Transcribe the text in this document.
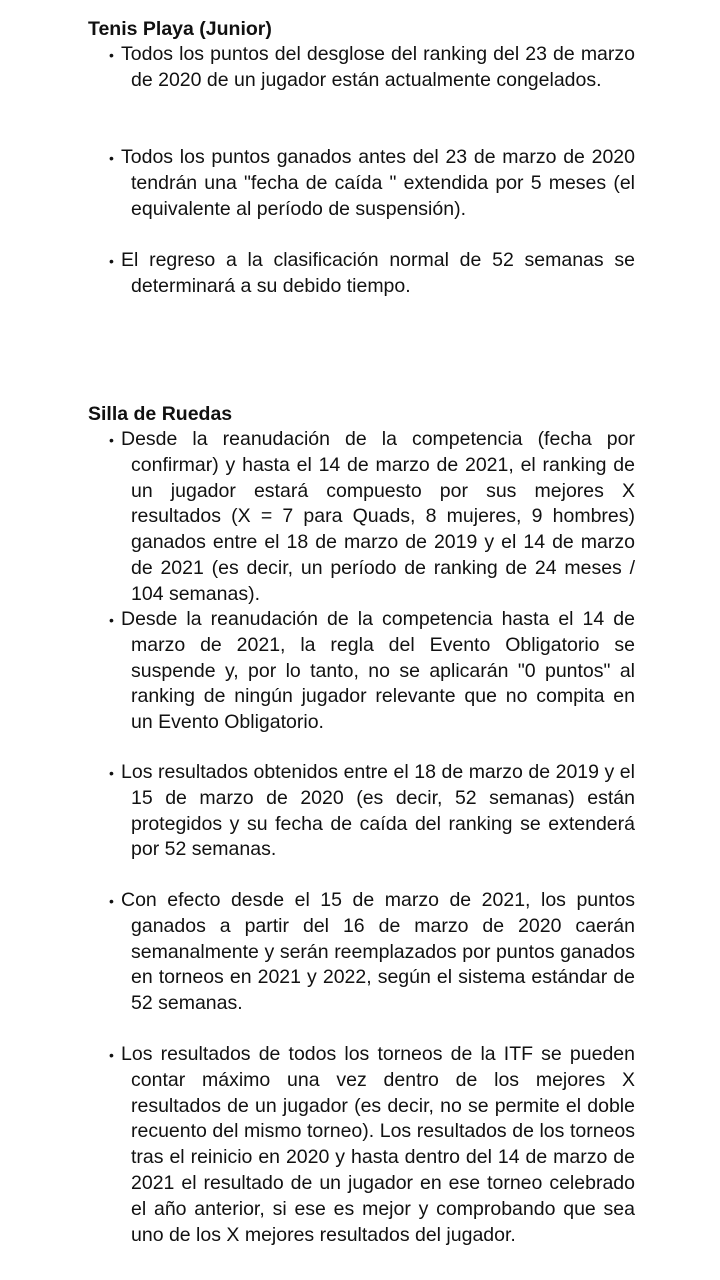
Tenis Playa (Junior)
• Todos los puntos del desglose del ranking del 23 de marzo de 2020 de un jugador están actualmente congelados.

• Todos los puntos ganados antes del 23 de marzo de 2020 tendrán una "fecha de caída " extendida por 5 meses (el equivalente al período de suspensión).

• El regreso a la clasificación normal de 52 semanas se determinará a su debido tiempo.

Silla de Ruedas
• Desde la reanudación de la competencia (fecha por confirmar) y hasta el 14 de marzo de 2021, el ranking de un jugador estará compuesto por sus mejores X resultados (X = 7 para Quads, 8 mujeres, 9 hombres) ganados entre el 18 de marzo de 2019 y el 14 de marzo de 2021 (es decir, un período de ranking de 24 meses / 104 semanas).

• Desde la reanudación de la competencia hasta el 14 de marzo de 2021, la regla del Evento Obligatorio se suspende y, por lo tanto, no se aplicarán "0 puntos" al ranking de ningún jugador relevante que no compita en un Evento Obligatorio.

• Los resultados obtenidos entre el 18 de marzo de 2019 y el 15 de marzo de 2020 (es decir, 52 semanas) están protegidos y su fecha de caída del ranking se extenderá por 52 semanas.

• Con efecto desde el 15 de marzo de 2021, los puntos ganados a partir del 16 de marzo de 2020 caerán semanalmente y serán reemplazados por puntos ganados en torneos en 2021 y 2022, según el sistema estándar de 52 semanas.

• Los resultados de todos los torneos de la ITF se pueden contar máximo una vez dentro de los mejores X resultados de un jugador (es decir, no se permite el doble recuento del mismo torneo). Los resultados de los torneos tras el reinicio en 2020 y hasta dentro del 14 de marzo de 2021 el resultado de un jugador en ese torneo celebrado el año anterior, si ese es mejor y comprobando que sea uno de los X mejores resultados del jugador.
